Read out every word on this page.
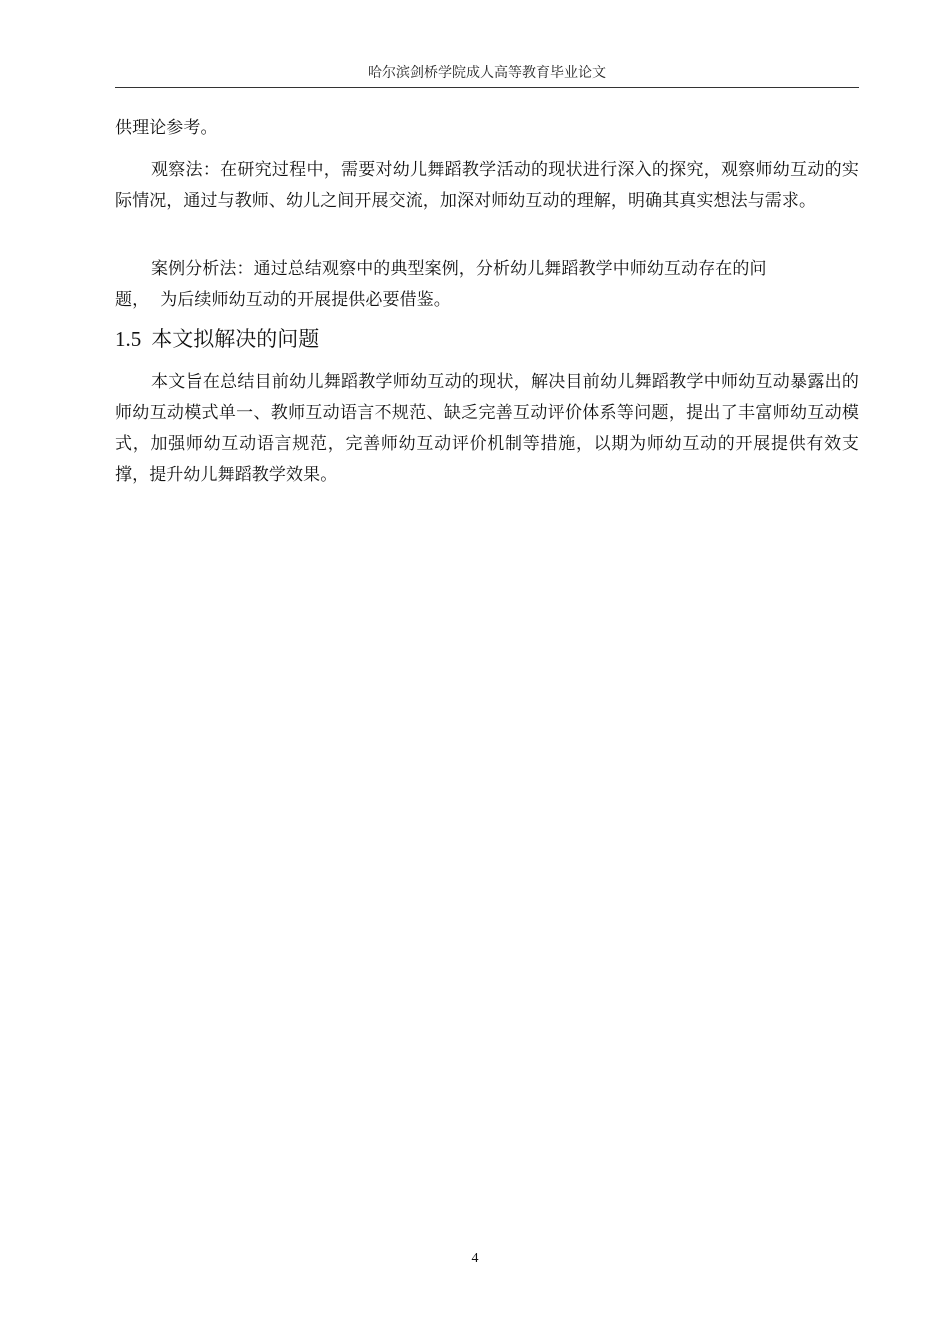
哈尔滨剑桥学院成人高等教育毕业论文

供理论参考。

观察法：在研究过程中，需要对幼儿舞蹈教学活动的现状进行深入的探究，观察师幼互动的实际情况，通过与教师、幼儿之间开展交流，加深对师幼互动的理解，明确其真实想法与需求。

案例分析法：通过总结观察中的典型案例，分析幼儿舞蹈教学中师幼互动存在的问
题，  为后续师幼互动的开展提供必要借鉴。
1.5 本文拟解决的问题

本文旨在总结目前幼儿舞蹈教学师幼互动的现状，解决目前幼儿舞蹈教学中师幼互动暴露出的师幼互动模式单一、教师互动语言不规范、缺乏完善互动评价体系等问题，提出了丰富师幼互动模式，加强师幼互动语言规范，完善师幼互动评价机制等措施，以期为师幼互动的开展提供有效支撑，提升幼儿舞蹈教学效果。

4
